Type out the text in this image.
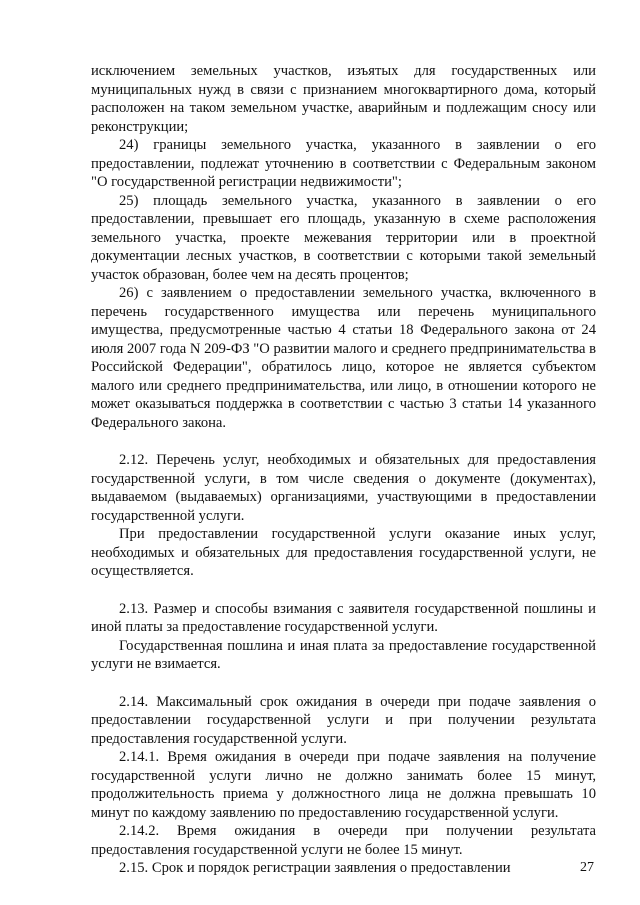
исключением земельных участков, изъятых для государственных или муниципальных нужд в связи с признанием многоквартирного дома, который расположен на таком земельном участке, аварийным и подлежащим сносу или реконструкции;

24) границы земельного участка, указанного в заявлении о его предоставлении, подлежат уточнению в соответствии с Федеральным законом "О государственной регистрации недвижимости";

25) площадь земельного участка, указанного в заявлении о его предоставлении, превышает его площадь, указанную в схеме расположения земельного участка, проекте межевания территории или в проектной документации лесных участков, в соответствии с которыми такой земельный участок образован, более чем на десять процентов;

26) с заявлением о предоставлении земельного участка, включенного в перечень государственного имущества или перечень муниципального имущества, предусмотренные частью 4 статьи 18 Федерального закона от 24 июля 2007 года N 209-ФЗ "О развитии малого и среднего предпринимательства в Российской Федерации", обратилось лицо, которое не является субъектом малого или среднего предпринимательства, или лицо, в отношении которого не может оказываться поддержка в соответствии с частью 3 статьи 14 указанного Федерального закона.

2.12. Перечень услуг, необходимых и обязательных для предоставления государственной услуги, в том числе сведения о документе (документах), выдаваемом (выдаваемых) организациями, участвующими в предоставлении государственной услуги.

При предоставлении государственной услуги оказание иных услуг, необходимых и обязательных для предоставления государственной услуги, не осуществляется.

2.13. Размер и способы взимания с заявителя государственной пошлины и иной платы за предоставление государственной услуги.

Государственная пошлина и иная плата за предоставление государственной услуги не взимается.

2.14. Максимальный срок ожидания в очереди при подаче заявления о предоставлении государственной услуги и при получении результата предоставления государственной услуги.

2.14.1. Время ожидания в очереди при подаче заявления на получение государственной услуги лично не должно занимать более 15 минут, продолжительность приема у должностного лица не должна превышать 10 минут по каждому заявлению по предоставлению государственной услуги.

2.14.2. Время ожидания в очереди при получении результата предоставления государственной услуги не более 15 минут.

2.15. Срок и порядок регистрации заявления о предоставлении	27
